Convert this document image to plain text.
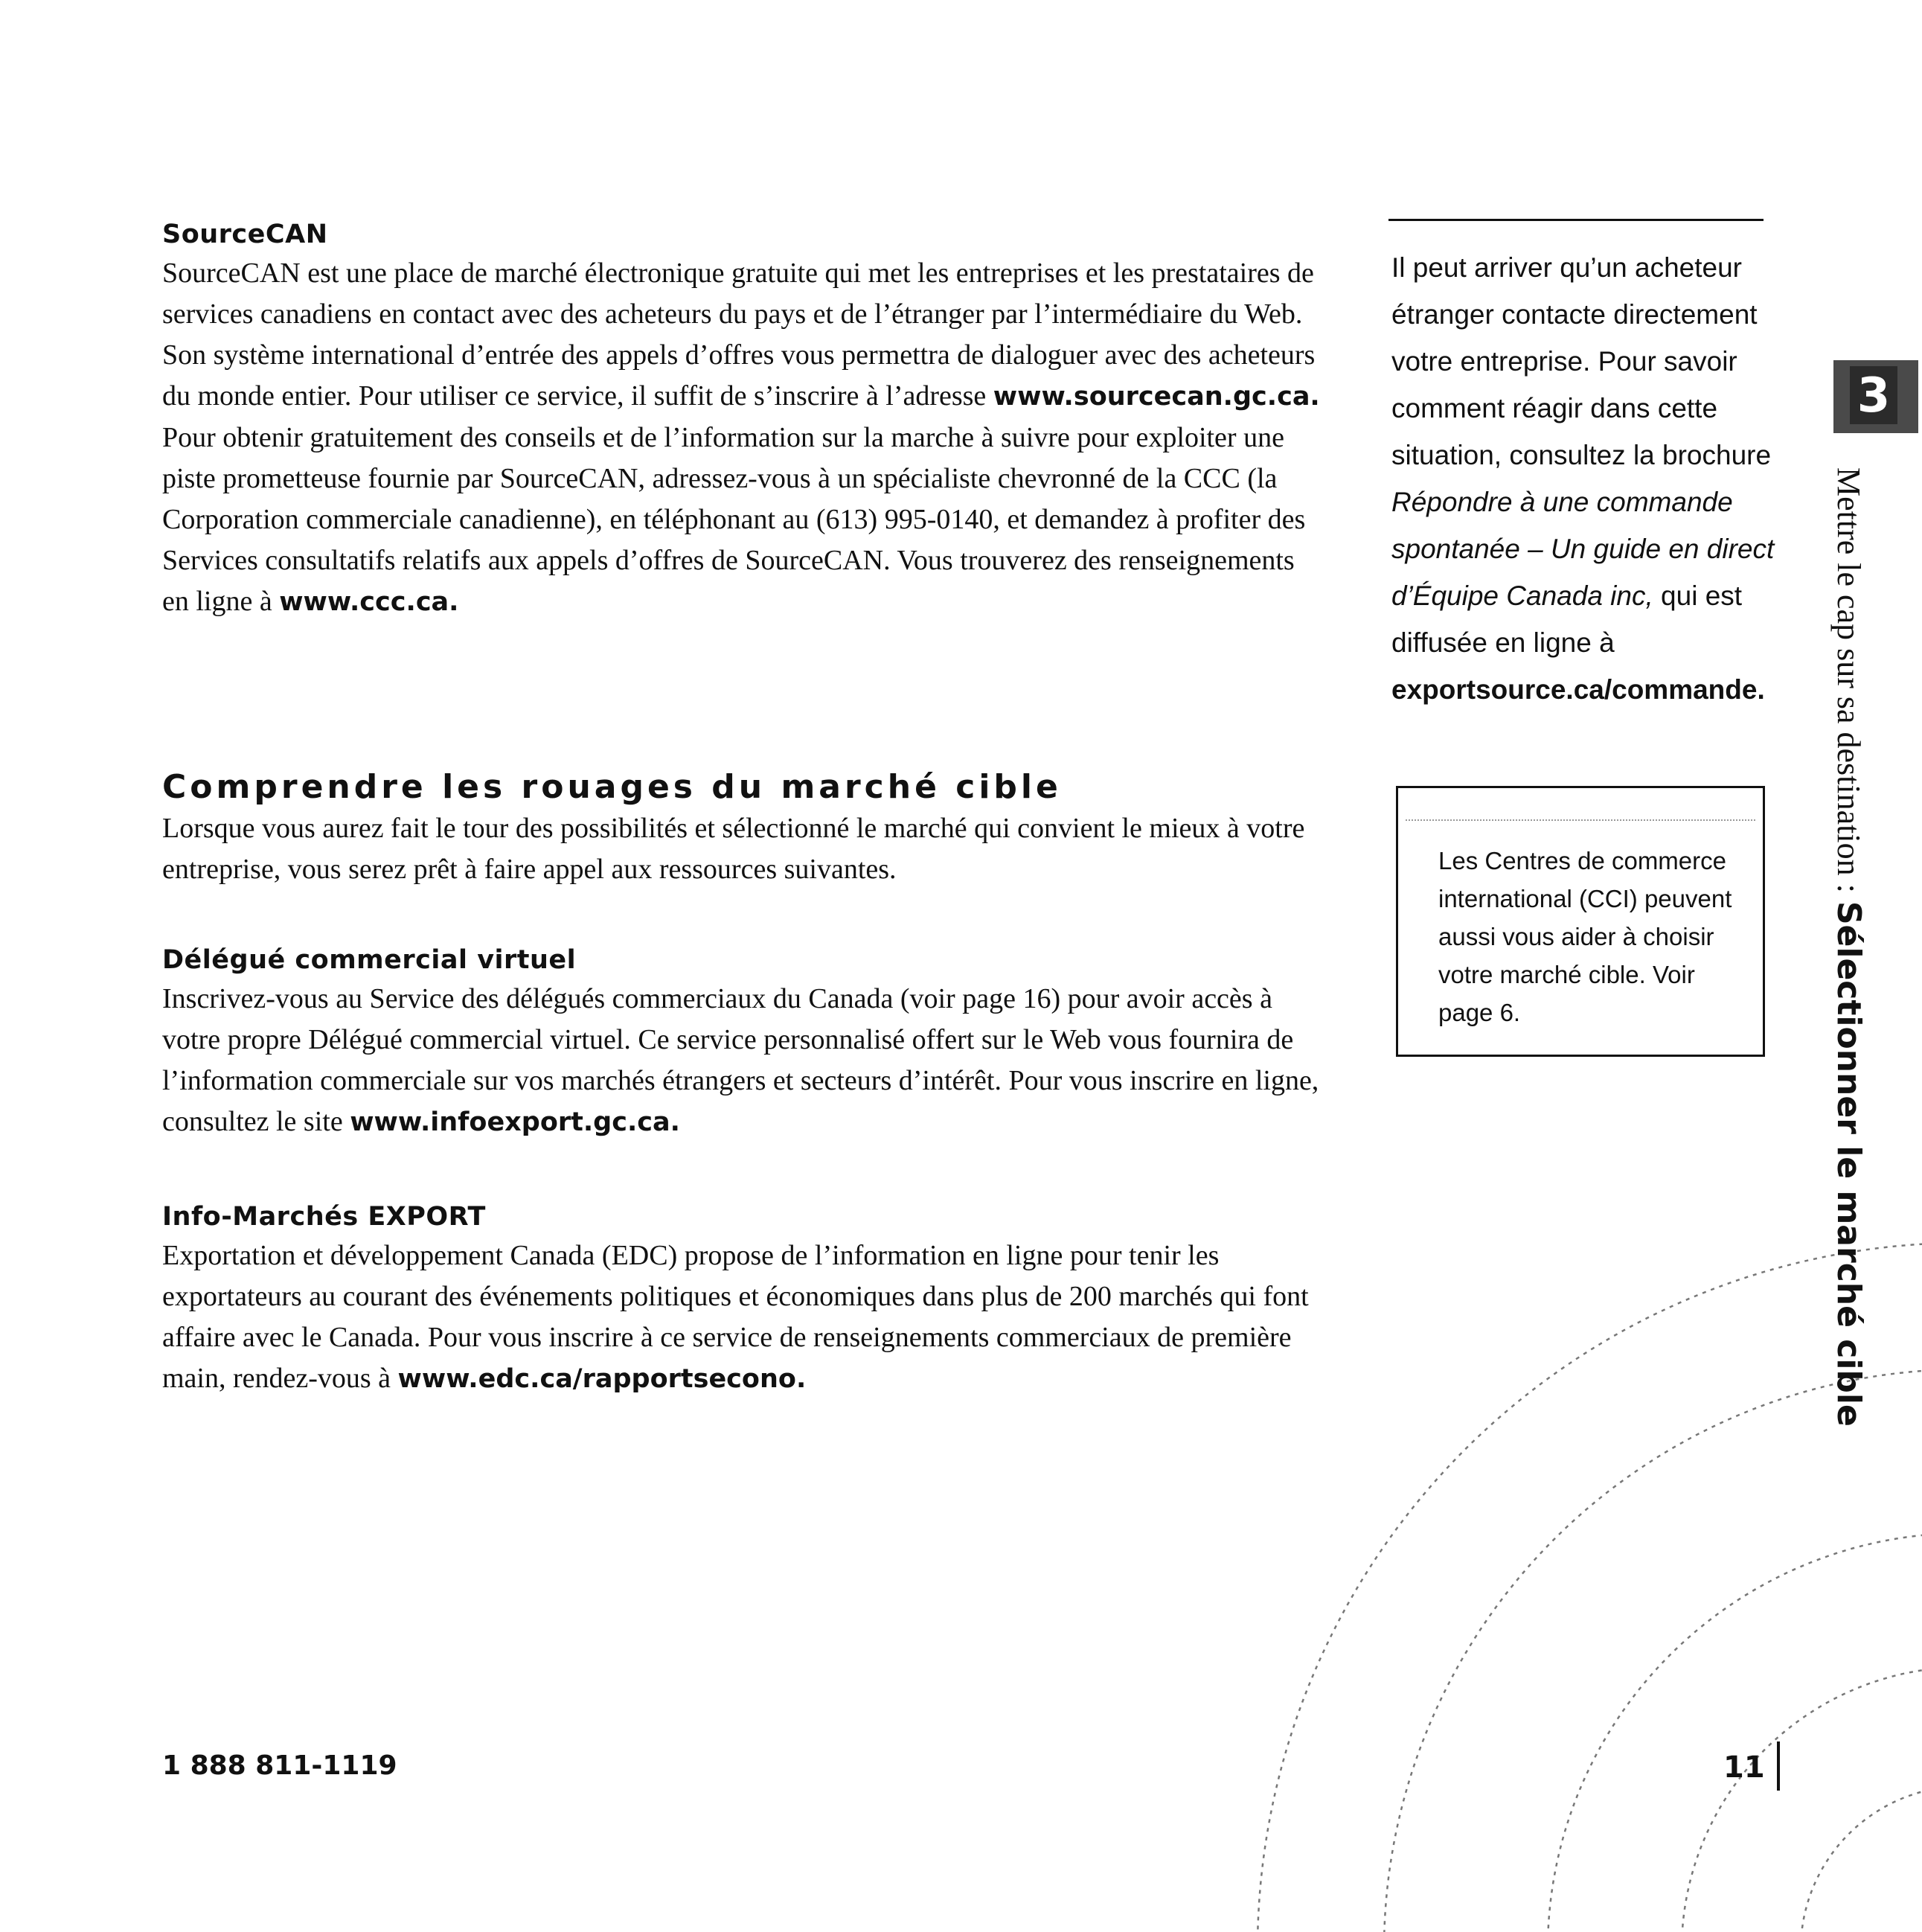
SourceCAN

SourceCAN est une place de marché électronique gratuite qui met les entreprises et les prestataires de services canadiens en contact avec des acheteurs du pays et de l’étranger par l’intermédiaire du Web. Son système international d’entrée des appels d’offres vous permettra de dialoguer avec des acheteurs du monde entier. Pour utiliser ce service, il suffit de s’inscrire à l’adresse www.sourcecan.gc.ca. Pour obtenir gratuitement des conseils et de l’information sur la marche à suivre pour exploiter une piste prometteuse fournie par SourceCAN, adressez-vous à un spécialiste chevronné de la CCC (la Corporation commerciale canadienne), en téléphonant au (613) 995-0140, et demandez à profiter des Services consultatifs relatifs aux appels d’offres de SourceCAN. Vous trouverez des renseignements en ligne à www.ccc.ca.

Comprendre les rouages du marché cible

Lorsque vous aurez fait le tour des possibilités et sélectionné le marché qui convient le mieux à votre entreprise, vous serez prêt à faire appel aux ressources suivantes.

Délégué commercial virtuel

Inscrivez-vous au Service des délégués commerciaux du Canada (voir page 16) pour avoir accès à votre propre Délégué commercial virtuel. Ce service personnalisé offert sur le Web vous fournira de l’information commerciale sur vos marchés étrangers et secteurs d’intérêt. Pour vous inscrire en ligne, consultez le site www.infoexport.gc.ca.

Info-Marchés EXPORT

Exportation et développement Canada (EDC) propose de l’information en ligne pour tenir les exportateurs au courant des événements politiques et économiques dans plus de 200 marchés qui font affaire avec le Canada. Pour vous inscrire à ce service de renseignements commerciaux de première main, rendez-vous à www.edc.ca/rapportsecono.

Il peut arriver qu’un acheteur étranger contacte directement votre entreprise. Pour savoir comment réagir dans cette situation, consultez la brochure Répondre à une commande spontanée – Un guide en direct d’Équipe Canada inc, qui est diffusée en ligne à exportsource.ca/commande.
Les Centres de commerce international (CCI) peuvent aussi vous aider à choisir votre marché cible. Voir page 6.
3
Mettre le cap sur sa destination : Sélectionner le marché cible
1 888 811-1119	11
